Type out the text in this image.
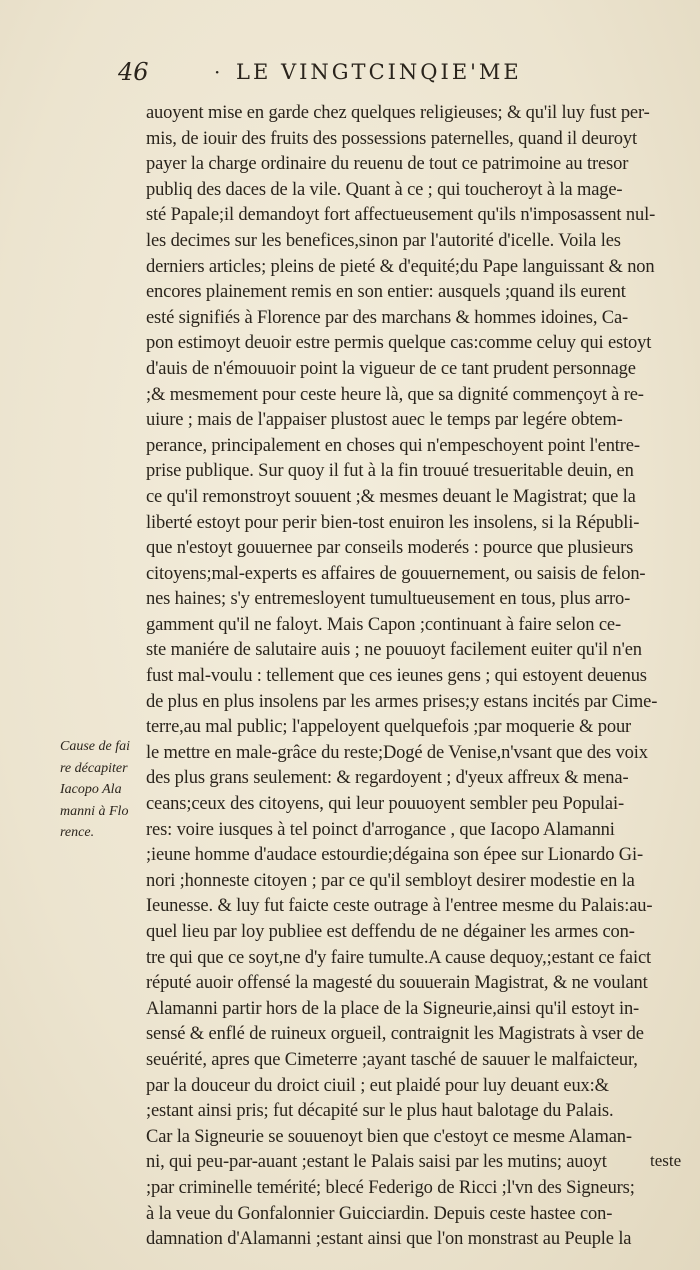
46	· LE VINGTCINQIE'ME
Cause de fai
re décapiter
Iacopo Ala
manni à Flo
rence.
auoyent mise en garde chez quelques religieuses; & qu'il luy fust per-
mis, de iouir des fruits des possessions paternelles, quand il deuroyt
payer la charge ordinaire du reuenu de tout ce patrimoine au tresor
publiq des daces de la vile. Quant à ce ; qui toucheroyt à la mage-
sté Papale;il demandoyt fort affectueusement qu'ils n'imposassent nul-
les decimes sur les benefices,sinon par l'autorité d'icelle. Voila les
derniers articles; pleins de pieté & d'equité;du Pape languissant & non
encores plainement remis en son entier: ausquels ;quand ils eurent
esté signifiés à Florence par des marchans & hommes idoines, Ca-
pon estimoyt deuoir estre permis quelque cas:comme celuy qui estoyt
d'auis de n'émouuoir point la vigueur de ce tant prudent personnage
;& mesmement pour ceste heure là, que sa dignité commençoyt à re-
uiure ; mais de l'appaiser plustost auec le temps par legére obtem-
perance, principalement en choses qui n'empeschoyent point l'entre-
prise publique. Sur quoy il fut à la fin trouué tresueritable deuin, en
ce qu'il remonstroyt souuent ;& mesmes deuant le Magistrat; que la
liberté estoyt pour perir bien-tost enuiron les insolens, si la Républi-
que n'estoyt gouuernee par conseils moderés : pource que plusieurs
citoyens;mal-experts es affaires de gouuernement, ou saisis de felon-
nes haines; s'y entremesloyent tumultueusement en tous, plus arro-
gamment qu'il ne faloyt. Mais Capon ;continuant à faire selon ce-
ste maniére de salutaire auis ; ne pouuoyt facilement euiter qu'il n'en
fust mal-voulu : tellement que ces ieunes gens ; qui estoyent deuenus
de plus en plus insolens par les armes prises;y estans incités par Cime-
terre,au mal public; l'appeloyent quelquefois ;par moquerie & pour
le mettre en male-grâce du reste;Dogé de Venise,n'vsant que des voix
des plus grans seulement: & regardoyent ; d'yeux affreux & mena-
ceans;ceux des citoyens, qui leur pouuoyent sembler peu Populai-
res: voire iusques à tel poinct d'arrogance , que Iacopo Alamanni
;ieune homme d'audace estourdie;dégaina son épee sur Lionardo Gi-
nori ;honneste citoyen ; par ce qu'il sembloyt desirer modestie en la
Ieunesse. & luy fut faicte ceste outrage à l'entree mesme du Palais:au-
quel lieu par loy publiee est deffendu de ne dégainer les armes con-
tre qui que ce soyt,ne d'y faire tumulte.A cause dequoy,;estant ce faict
réputé auoir offensé la magesté du souuerain Magistrat, & ne voulant
Alamanni partir hors de la place de la Signeurie,ainsi qu'il estoyt in-
sensé & enflé de ruineux orgueil, contraignit les Magistrats à vser de
seuérité, apres que Cimeterre ;ayant tasché de sauuer le malfaicteur,
par la douceur du droict ciuil ; eut plaidé pour luy deuant eux:&
;estant ainsi pris; fut décapité sur le plus haut balotage du Palais.
Car la Signeurie se souuenoyt bien que c'estoyt ce mesme Alaman-
ni, qui peu-par-auant ;estant le Palais saisi par les mutins; auoyt
;par criminelle temérité; blecé Federigo de Ricci ;l'vn des Signeurs;
à la veue du Gonfalonnier Guicciardin. Depuis ceste hastee con-
damnation d'Alamanni ;estant ainsi que l'on monstrast au Peuple la
teste
